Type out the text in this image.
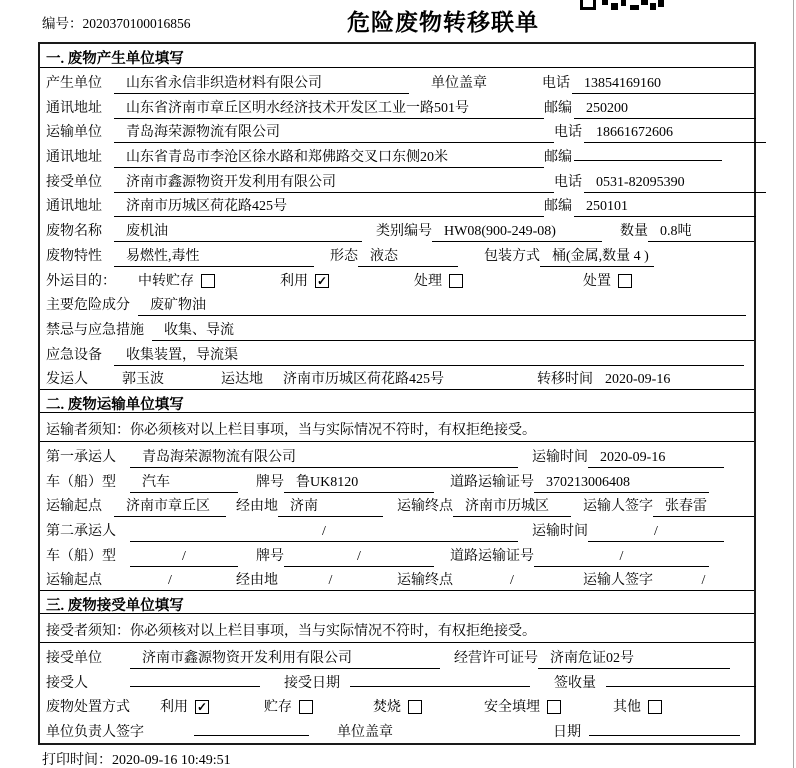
编号：2020370100016856	危险废物转移联单
一. 废物产生单位填写
产生单位	山东省永信非织造材料有限公司	单位盖章	电话	13854169160
通讯地址	山东省济南市章丘区明水经济技术开发区工业一路501号	邮编	250200
运输单位	青岛海荣源物流有限公司	电话	18661672606
通讯地址	山东省青岛市李沧区徐水路和郑佛路交叉口东侧20米	邮编
接受单位	济南市鑫源物资开发利用有限公司	电话	0531-82095390
通讯地址	济南市历城区荷花路425号	邮编	250101
废物名称	废机油	类别编号 HW08(900-249-08)	数量 0.8吨
废物特性	易燃性,毒性	形态 液态	包装方式 桶(金属,数量 4 )
外运目的：	中转贮存	利用 ✓	处理	处置
主要危险成分	废矿物油
禁忌与应急措施	收集、导流
应急设备	收集装置，导流渠
发运人	郭玉波	运达地	济南市历城区荷花路425号	转移时间 2020-09-16
二. 废物运输单位填写
运输者须知：你必须核对以上栏目事项，当与实际情况不符时，有权拒绝接受。
第一承运人	青岛海荣源物流有限公司	运输时间 2020-09-16
车（船）型	汽车	牌号 鲁UK8120	道路运输证号 370213006408
运输起点	济南市章丘区	经由地 济南	运输终点 济南市历城区	运输人签字 张春雷
第二承运人	/	运输时间	/
车（船）型	/	牌号	/	道路运输证号	/
运输起点	/	经由地	/	运输终点	/	运输人签字	/
三. 废物接受单位填写
接受者须知：你必须核对以上栏目事项，当与实际情况不符时，有权拒绝接受。
接受单位	济南市鑫源物资开发利用有限公司	经营许可证号 济南危证02号
接受人	接受日期	签收量
废物处置方式	利用 ✓	贮存	焚烧	安全填埋	其他
单位负责人签字	单位盖章	日期
打印时间：2020-09-16 10:49:51
